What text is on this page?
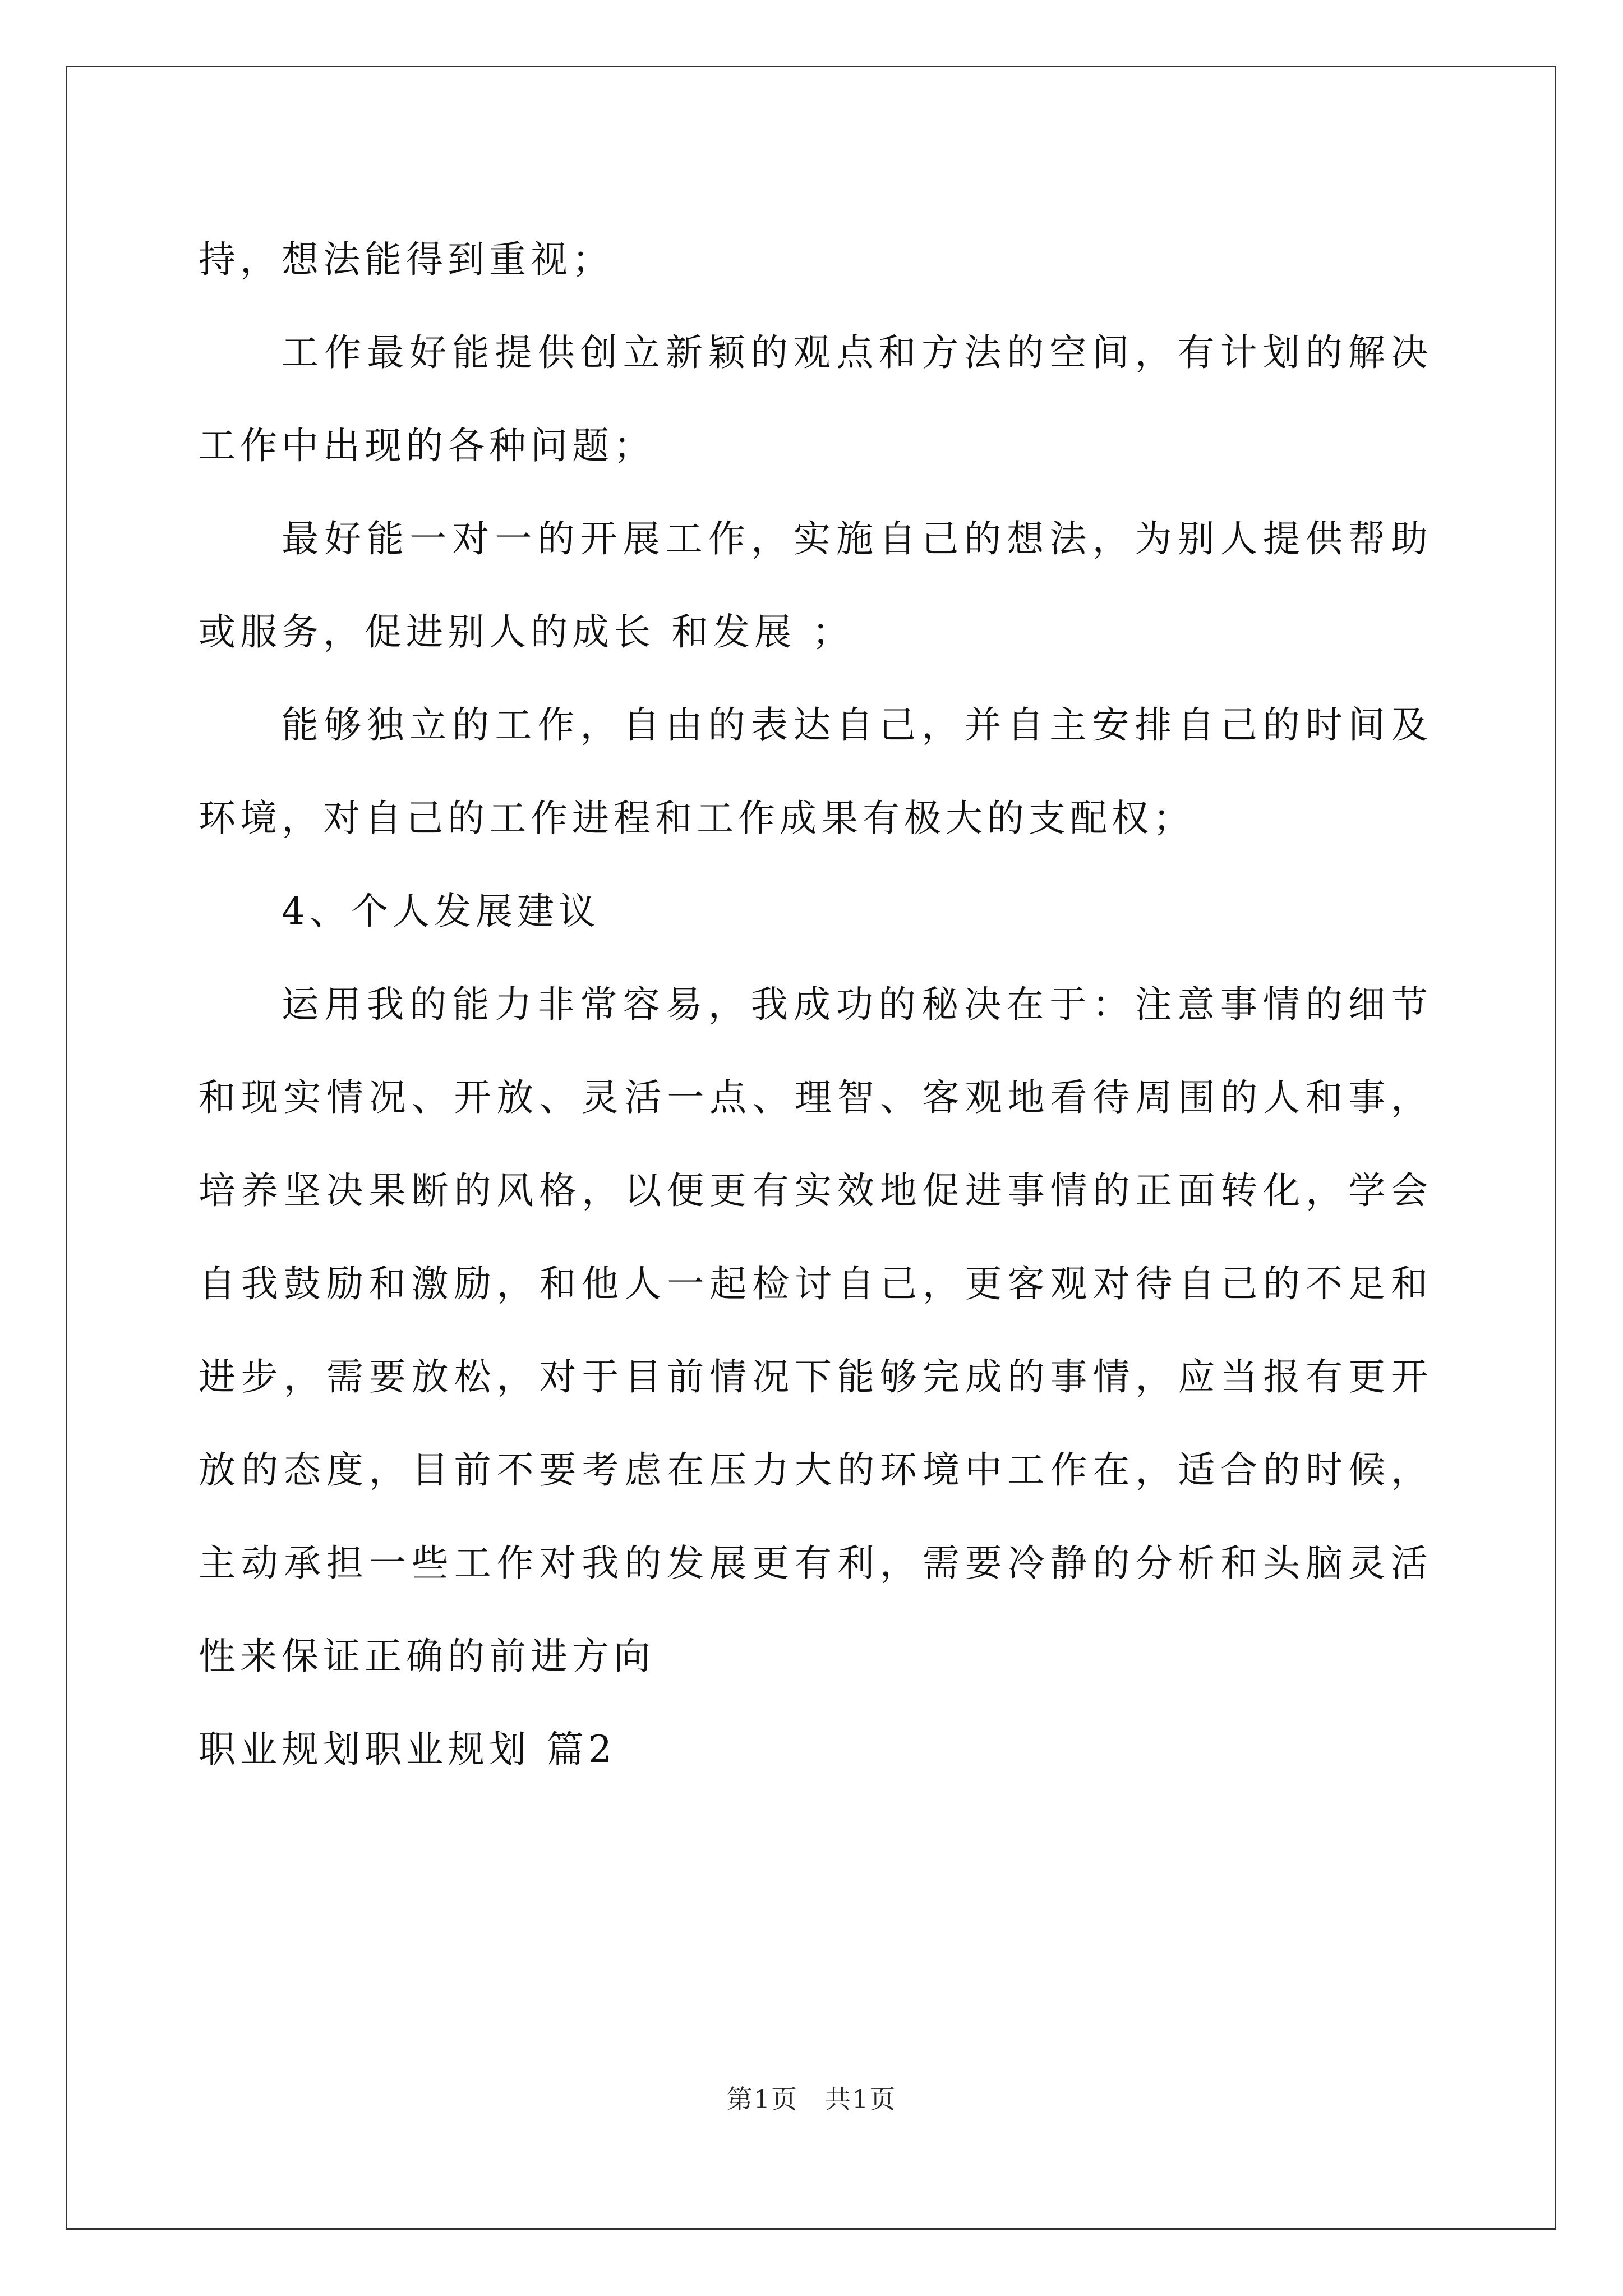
持，想法能得到重视；

工作最好能提供创立新颖的观点和方法的空间，有计划的解决工作中出现的各种问题；

最好能一对一的开展工作，实施自己的想法，为别人提供帮助或服务，促进别人的成长 和发展 ；

能够独立的工作，自由的表达自己，并自主安排自己的时间及环境，对自己的工作进程和工作成果有极大的支配权；

4、个人发展建议

运用我的能力非常容易，我成功的秘决在于：注意事情的细节和现实情况、开放、灵活一点、理智、客观地看待周围的人和事，培养坚决果断的风格，以便更有实效地促进事情的正面转化，学会自我鼓励和激励，和他人一起检讨自己，更客观对待自己的不足和进步，需要放松，对于目前情况下能够完成的事情，应当报有更开放的态度，目前不要考虑在压力大的环境中工作在，适合的时候，主动承担一些工作对我的发展更有利，需要冷静的分析和头脑灵活性来保证正确的前进方向

职业规划职业规划 篇2

第1页　共1页
